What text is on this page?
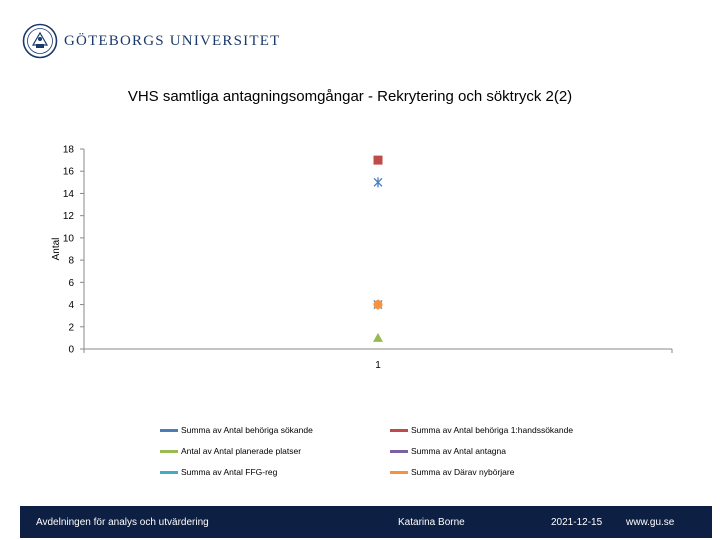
GÖTEBORGS UNIVERSITET
VHS samtliga antagningsomgångar - Rekrytering och söktryck 2(2)
0
2
4
6
8
10
12
14
16
18
1
Antal
Summa av Antal behöriga sökande	Summa av Antal behöriga 1:handssökande
Antal av Antal planerade platser	Summa av Antal antagna
Summa av Antal FFG-reg	Summa av Därav nybörjare
Avdelningen för analys och utvärdering	Katarina Borne	2021-12-15 www.gu.se
